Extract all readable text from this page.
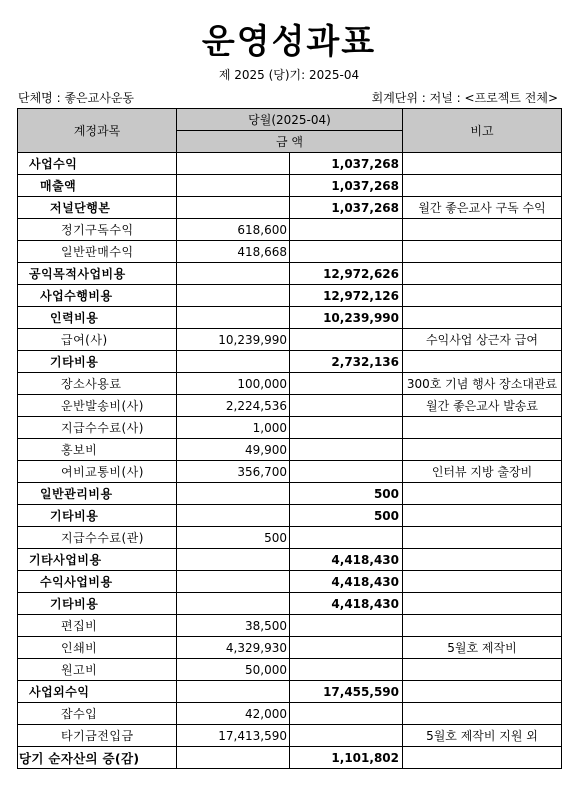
운영성과표
제 2025 (당)기: 2025-04
단체명 : 좋은교사운동	회계단위 : 저널 : <프로젝트 전체>
계정과목	당월(2025-04)		비고
	금 액		
사업수익		1,037,268	
매출액		1,037,268	
저널단행본		1,037,268	월간 좋은교사 구독 수익
정기구독수익	618,600		
일반판매수익	418,668		
공익목적사업비용		12,972,626	
사업수행비용		12,972,126	
인력비용		10,239,990	
급여(사)	10,239,990		수익사업 상근자 급여
기타비용		2,732,136	
장소사용료	100,000		300호 기념 행사 장소대관료
운반발송비(사)	2,224,536		월간 좋은교사 발송료
지급수수료(사)	1,000		
홍보비	49,900		
여비교통비(사)	356,700		인터뷰 지방 출장비
일반관리비용		500	
기타비용		500	
지급수수료(관)	500		
기타사업비용		4,418,430	
수익사업비용		4,418,430	
기타비용		4,418,430	
편집비	38,500		
인쇄비	4,329,930		5월호 제작비
원고비	50,000		
사업외수익		17,455,590	
잡수입	42,000		
타기금전입금	17,413,590		5월호 제작비 지원 외
당기 순자산의 증(감)		1,101,802	
